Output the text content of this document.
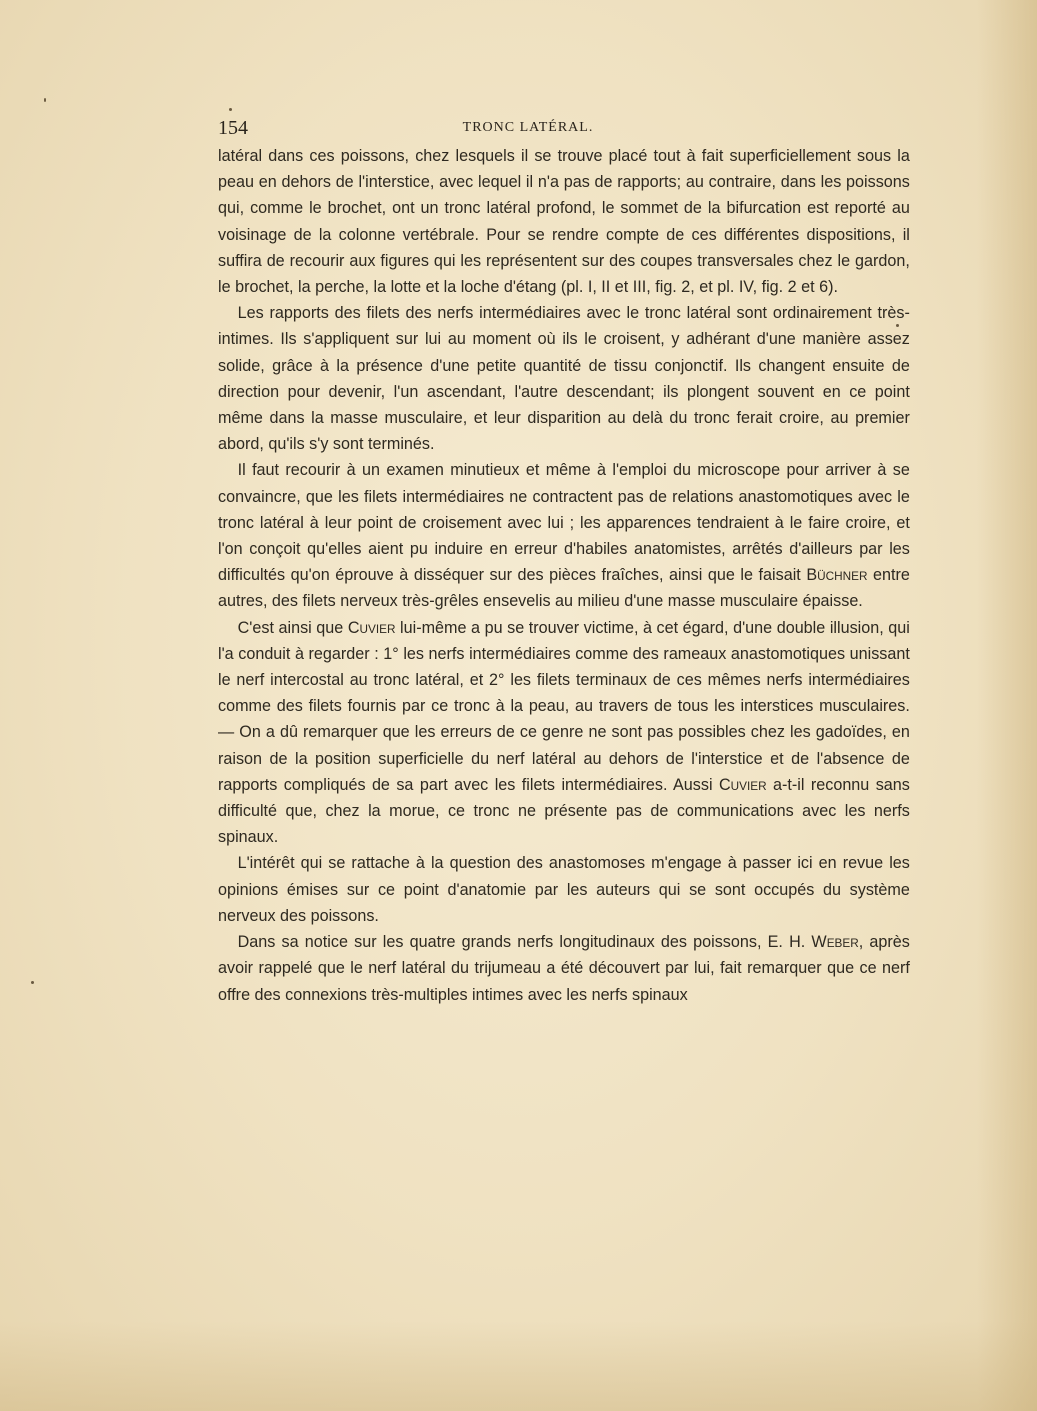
154	TRONC LATÉRAL.

latéral dans ces poissons, chez lesquels il se trouve placé tout à fait superficiellement sous la peau en dehors de l'interstice, avec lequel il n'a pas de rapports; au contraire, dans les poissons qui, comme le brochet, ont un tronc latéral profond, le sommet de la bifurcation est reporté au voisinage de la colonne vertébrale. Pour se rendre compte de ces différentes dispositions, il suffira de recourir aux figures qui les représentent sur des coupes transversales chez le gardon, le brochet, la perche, la lotte et la loche d'étang (pl. I, II et III, fig. 2, et pl. IV, fig. 2 et 6).

Les rapports des filets des nerfs intermédiaires avec le tronc latéral sont ordinairement très-intimes. Ils s'appliquent sur lui au moment où ils le croisent, y adhérant d'une manière assez solide, grâce à la présence d'une petite quantité de tissu conjonctif. Ils changent ensuite de direction pour devenir, l'un ascendant, l'autre descendant; ils plongent souvent en ce point même dans la masse musculaire, et leur disparition au delà du tronc ferait croire, au premier abord, qu'ils s'y sont terminés.

Il faut recourir à un examen minutieux et même à l'emploi du microscope pour arriver à se convaincre, que les filets intermédiaires ne contractent pas de relations anastomotiques avec le tronc latéral à leur point de croisement avec lui ; les apparences tendraient à le faire croire, et l'on conçoit qu'elles aient pu induire en erreur d'habiles anatomistes, arrêtés d'ailleurs par les difficultés qu'on éprouve à disséquer sur des pièces fraîches, ainsi que le faisait Büchner entre autres, des filets nerveux très-grêles ensevelis au milieu d'une masse musculaire épaisse.

C'est ainsi que Cuvier lui-même a pu se trouver victime, à cet égard, d'une double illusion, qui l'a conduit à regarder : 1° les nerfs intermédiaires comme des rameaux anastomotiques unissant le nerf intercostal au tronc latéral, et 2° les filets terminaux de ces mêmes nerfs intermédiaires comme des filets fournis par ce tronc à la peau, au travers de tous les interstices musculaires. — On a dû remarquer que les erreurs de ce genre ne sont pas possibles chez les gadoïdes, en raison de la position superficielle du nerf latéral au dehors de l'interstice et de l'absence de rapports compliqués de sa part avec les filets intermédiaires. Aussi Cuvier a-t-il reconnu sans difficulté que, chez la morue, ce tronc ne présente pas de communications avec les nerfs spinaux.

L'intérêt qui se rattache à la question des anastomoses m'engage à passer ici en revue les opinions émises sur ce point d'anatomie par les auteurs qui se sont occupés du système nerveux des poissons.

Dans sa notice sur les quatre grands nerfs longitudinaux des poissons, E. H. Weber, après avoir rappelé que le nerf latéral du trijumeau a été découvert par lui, fait remarquer que ce nerf offre des connexions très-multiples intimes avec les nerfs spinaux
